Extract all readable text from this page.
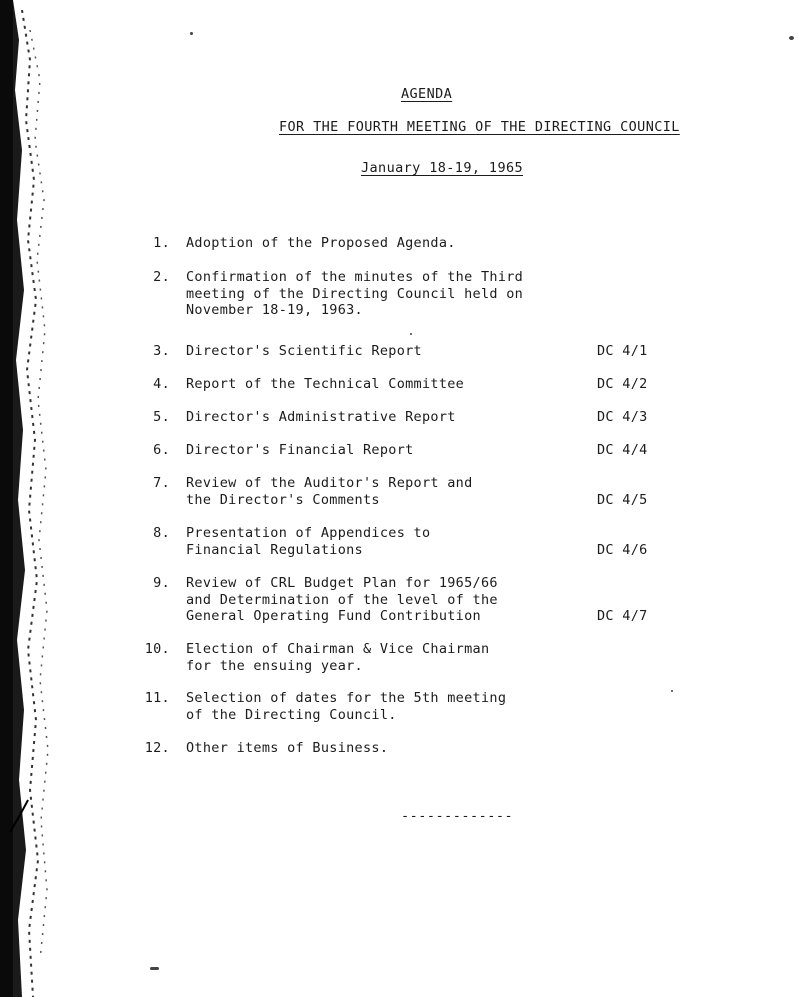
AGENDA
FOR THE FOURTH MEETING OF THE DIRECTING COUNCIL
January 18-19, 1965
1. Adoption of the Proposed Agenda.
2. Confirmation of the minutes of the Third
meeting of the Directing Council held on
November 18-19, 1963.
3. Director's Scientific Report	DC 4/1
4. Report of the Technical Committee	DC 4/2
5. Director's Administrative Report	DC 4/3
6. Director's Financial Report	DC 4/4
7. Review of the Auditor's Report and
the Director's Comments	DC 4/5
8. Presentation of Appendices to
Financial Regulations	DC 4/6
9. Review of CRL Budget Plan for 1965/66
and Determination of the level of the
General Operating Fund Contribution	DC 4/7
10. Election of Chairman & Vice Chairman
for the ensuing year.
11. Selection of dates for the 5th meeting
of the Directing Council.
12. Other items of Business.
-------------
